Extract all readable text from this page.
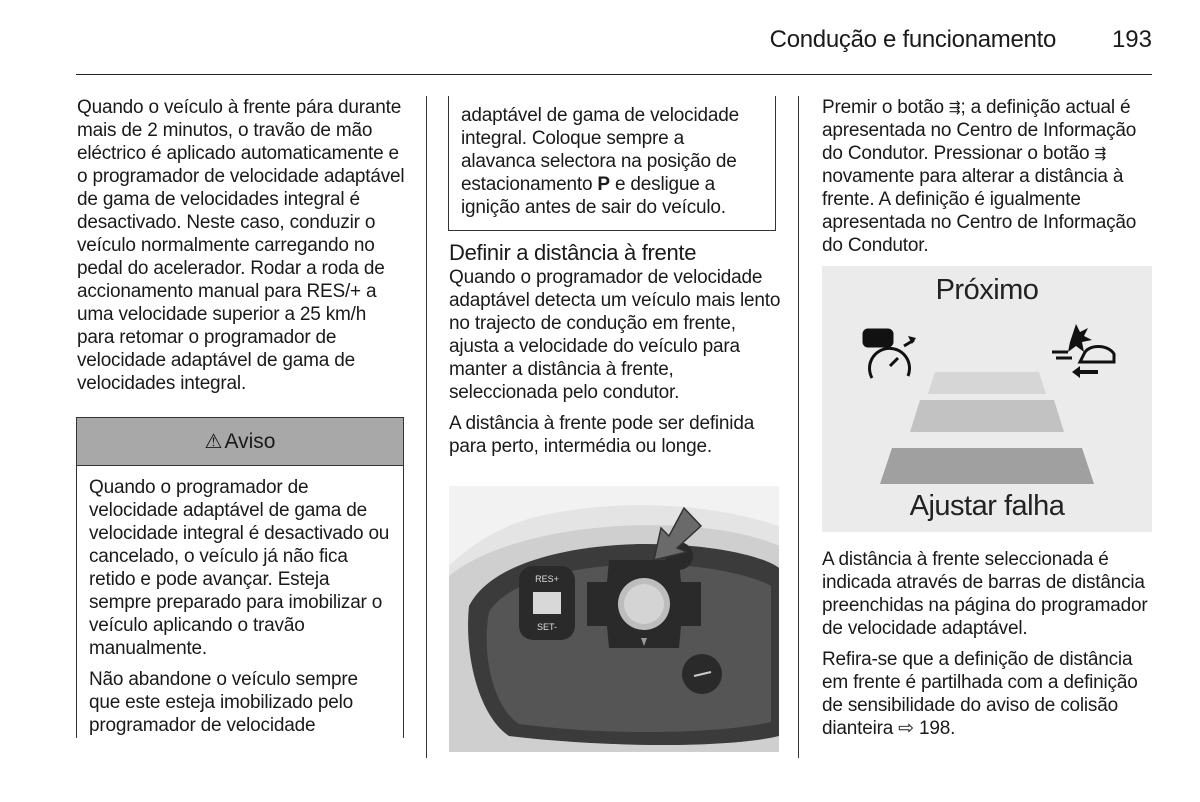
Condução e funcionamento	193

Quando o veículo à frente pára durante mais de 2 minutos, o travão de mão eléctrico é aplicado automaticamente e o programador de velocidade adaptável de gama de velocidades integral é desactivado. Neste caso, conduzir o veículo normalmente carregando no pedal do acelerador. Rodar a roda de accionamento manual para RES/+ a uma velocidade superior a 25 km/h para retomar o programador de velocidade adaptável de gama de velocidades integral.

⚠ Aviso

Quando o programador de velocidade adaptável de gama de velocidade integral é desactivado ou cancelado, o veículo já não fica retido e pode avançar. Esteja sempre preparado para imobilizar o veículo aplicando o travão manualmente.

Não abandone o veículo sempre que este esteja imobilizado pelo programador de velocidade

adaptável de gama de velocidade integral. Coloque sempre a alavanca selectora na posição de estacionamento P e desligue a ignição antes de sair do veículo.
Definir a distância à frente

Quando o programador de velocidade adaptável detecta um veículo mais lento no trajecto de condução em frente, ajusta a velocidade do veículo para manter a distância à frente, seleccionada pelo condutor.

A distância à frente pode ser definida para perto, intermédia ou longe.

RES+
SET-
Premir o botão ⇶; a definição actual é apresentada no Centro de Informação do Condutor. Pressionar o botão ⇶ novamente para alterar a distância à frente. A definição é igualmente apresentada no Centro de Informação do Condutor.
Próximo
Ajustar falha

A distância à frente seleccionada é indicada através de barras de distância preenchidas na página do programador de velocidade adaptável.

Refira-se que a definição de distância em frente é partilhada com a definição de sensibilidade do aviso de colisão dianteira ⇨ 198.
